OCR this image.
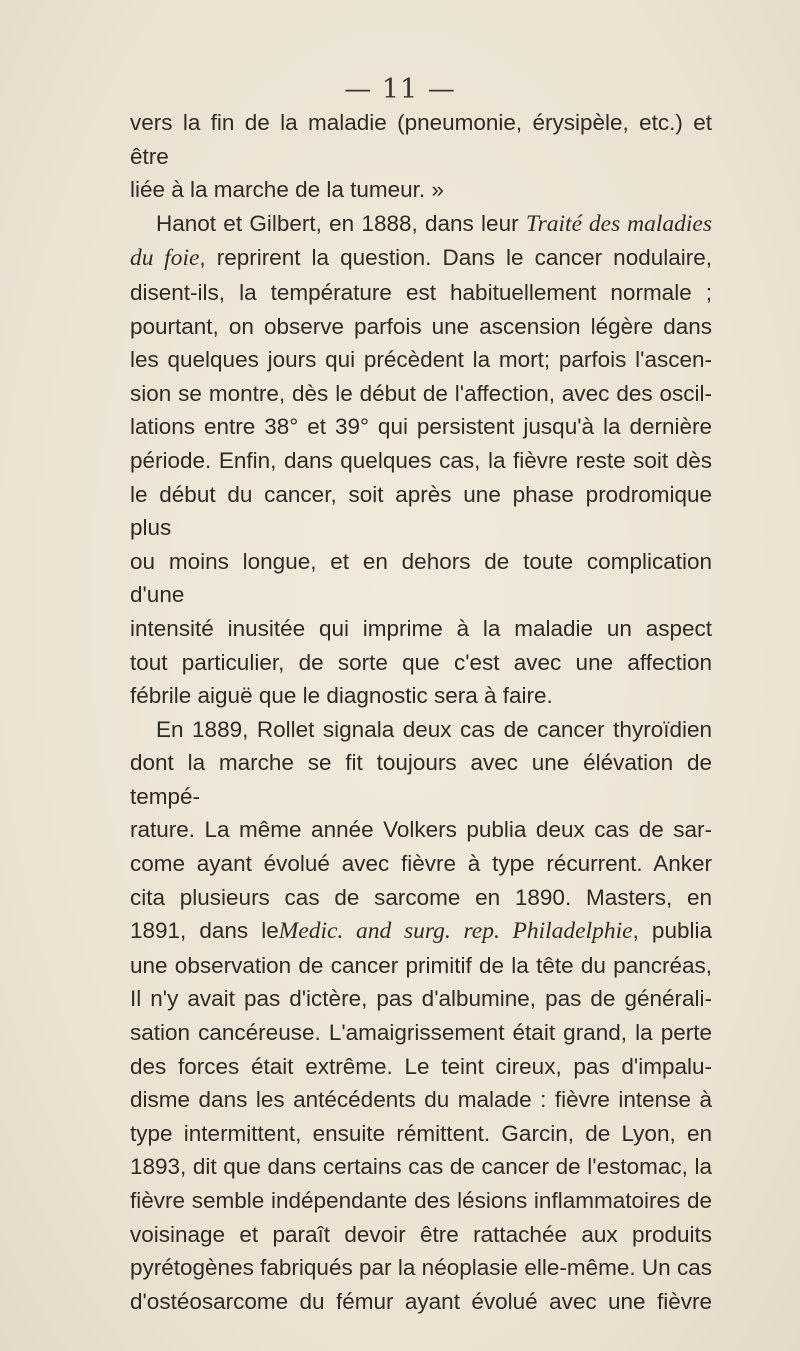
— 11 —

vers la fin de la maladie (pneumonie, érysipèle, etc.) et être

liée à la marche de la tumeur. »

Hanot et Gilbert, en 1888, dans leur Traité des maladies

du foie, reprirent la question. Dans le cancer nodulaire,

disent-ils, la température est habituellement normale ;

pourtant, on observe parfois une ascension légère dans

les quelques jours qui précèdent la mort; parfois l'ascen-

sion se montre, dès le début de l'affection, avec des oscil-

lations entre 38° et 39° qui persistent jusqu'à la dernière

période. Enfin, dans quelques cas, la fièvre reste soit dès

le début du cancer, soit après une phase prodromique plus

ou moins longue, et en dehors de toute complication d'une

intensité inusitée qui imprime à la maladie un aspect

tout particulier, de sorte que c'est avec une affection

fébrile aiguë que le diagnostic sera à faire.

En 1889, Rollet signala deux cas de cancer thyroïdien

dont la marche se fit toujours avec une élévation de tempé-

rature. La même année Volkers publia deux cas de sar-

come ayant évolué avec fièvre à type récurrent. Anker

cita plusieurs cas de sarcome en 1890. Masters, en

1891, dans leMedic. and surg. rep. Philadelphie, publia

une observation de cancer primitif de la tête du pancréas,

Il n'y avait pas d'ictère, pas d'albumine, pas de générali-

sation cancéreuse. L'amaigrissement était grand, la perte

des forces était extrême. Le teint cireux, pas d'impalu-

disme dans les antécédents du malade : fièvre intense à

type intermittent, ensuite rémittent. Garcin, de Lyon, en

1893, dit que dans certains cas de cancer de l'estomac, la

fièvre semble indépendante des lésions inflammatoires de

voisinage et paraît devoir être rattachée aux produits

pyrétogènes fabriqués par la néoplasie elle-même. Un cas

d'ostéosarcome du fémur ayant évolué avec une fièvre
